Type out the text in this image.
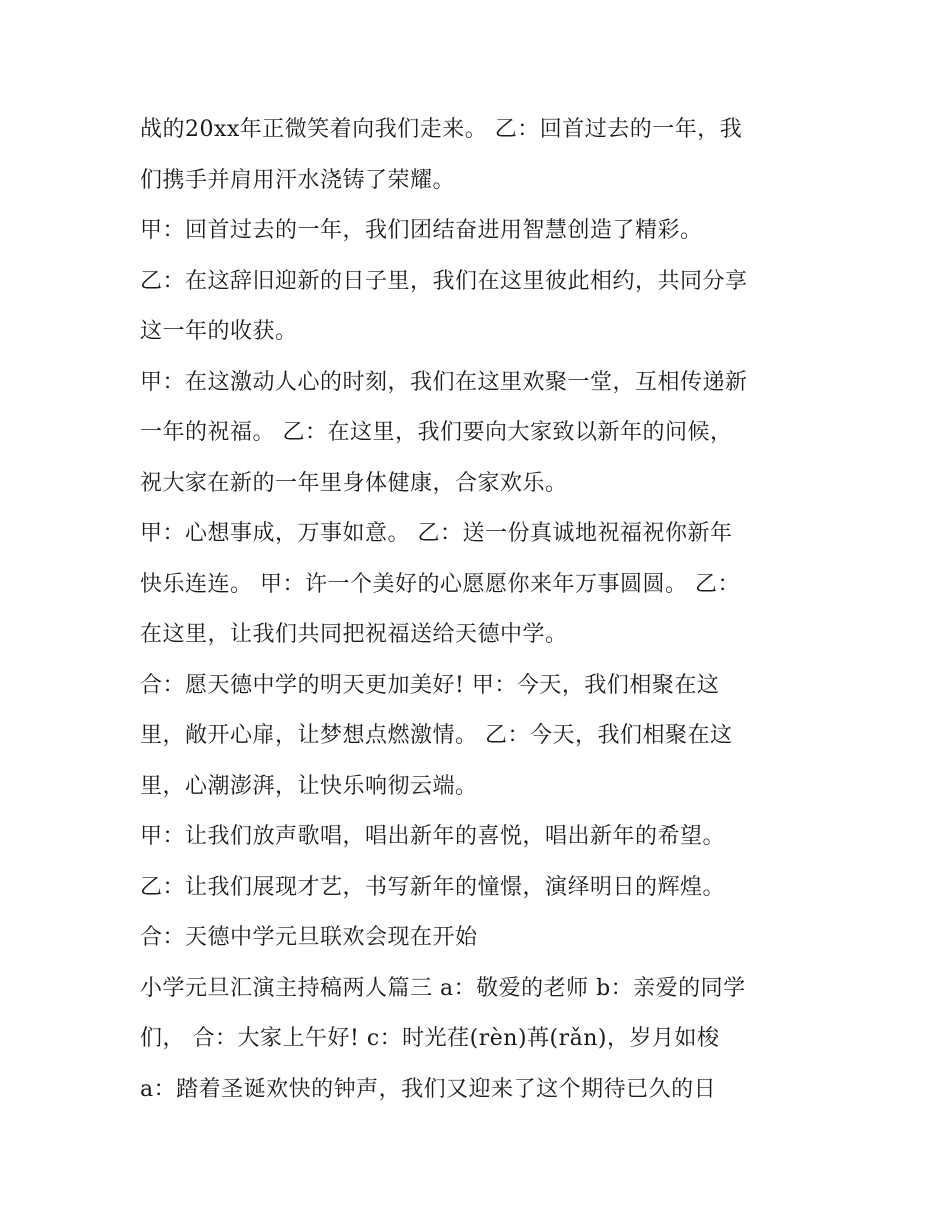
战的20xx年正微笑着向我们走来。 乙：回首过去的一年，我
们携手并肩用汗水浇铸了荣耀。
甲：回首过去的一年，我们团结奋进用智慧创造了精彩。
乙：在这辞旧迎新的日子里，我们在这里彼此相约，共同分享
这一年的收获。
甲：在这激动人心的时刻，我们在这里欢聚一堂，互相传递新
一年的祝福。 乙：在这里，我们要向大家致以新年的问候，
祝大家在新的一年里身体健康，合家欢乐。
甲：心想事成，万事如意。 乙：送一份真诚地祝福祝你新年
快乐连连。 甲：许一个美好的心愿愿你来年万事圆圆。 乙：
在这里，让我们共同把祝福送给天德中学。
合：愿天德中学的明天更加美好! 甲：今天，我们相聚在这
里，敞开心扉，让梦想点燃激情。 乙：今天，我们相聚在这
里，心潮澎湃，让快乐响彻云端。
甲：让我们放声歌唱，唱出新年的喜悦，唱出新年的希望。
乙：让我们展现才艺，书写新年的憧憬，演绎明日的辉煌。
合：天德中学元旦联欢会现在开始
小学元旦汇演主持稿两人篇三 a：敬爱的老师 b：亲爱的同学
们， 合：大家上午好! c：时光荏(rèn)苒(rǎn)，岁月如梭
a：踏着圣诞欢快的钟声，我们又迎来了这个期待已久的日
